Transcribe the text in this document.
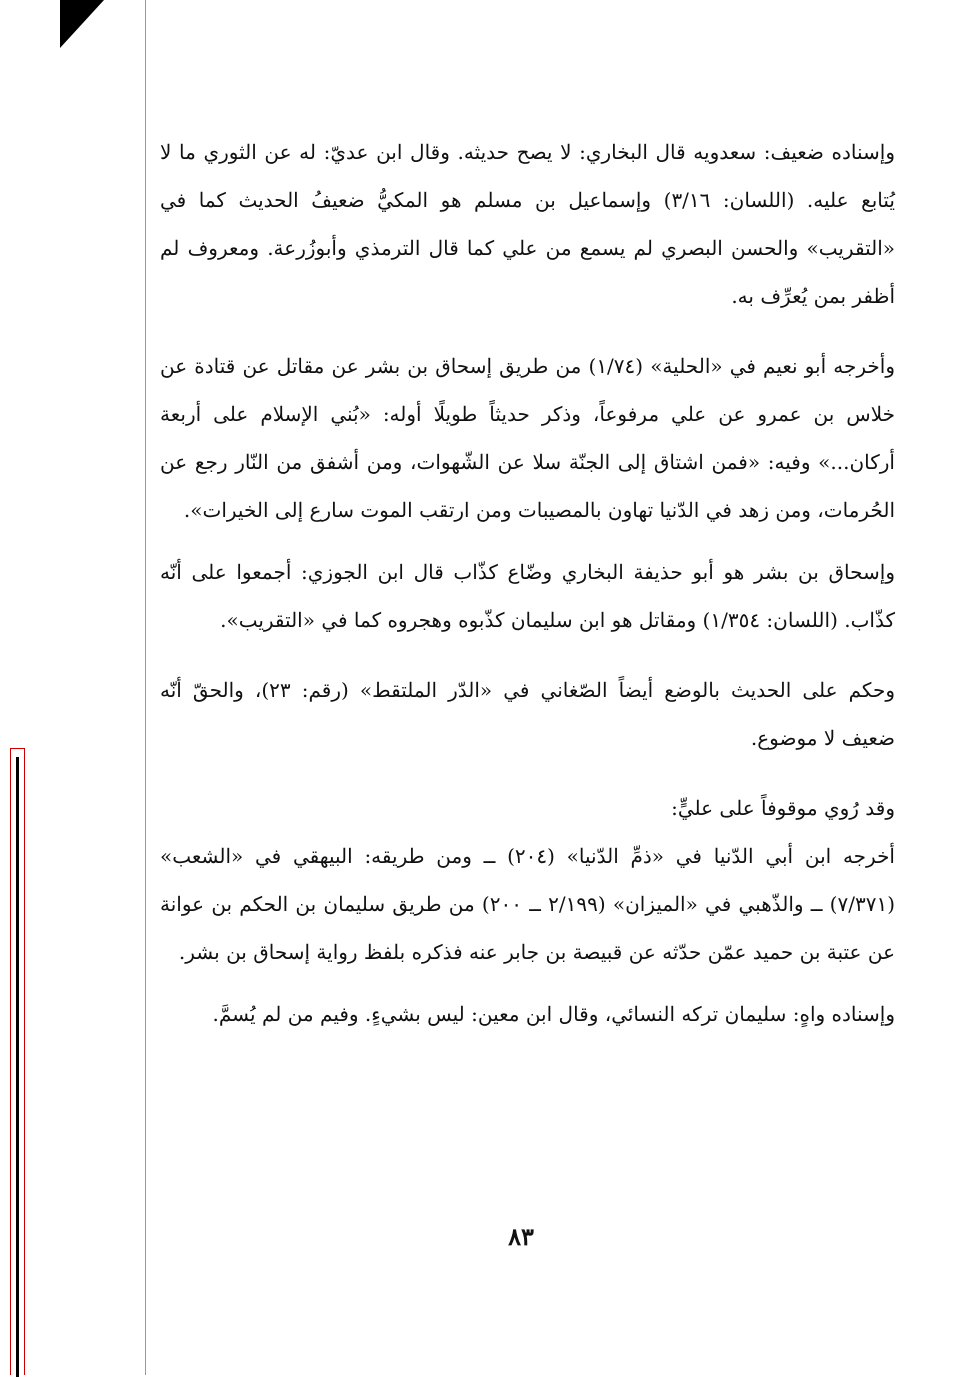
وإسناده ضعيف: سعدويه قال البخاري: لا يصح حديثه. وقال ابن عديّ: له عن الثوري ما لا يُتابع عليه. (اللسان: ٣/١٦) وإسماعيل بن مسلم هو المكيُّ ضعيفُ الحديث كما في «التقريب» والحسن البصري لم يسمع من علي كما قال الترمذي وأبوزُرعة. ومعروف لم أظفر بمن يُعرِّف به.

وأخرجه أبو نعيم في «الحلية» (١/٧٤) من طريق إسحاق بن بشر عن مقاتل عن قتادة عن خلاس بن عمرو عن علي مرفوعاً، وذكر حديثاً طويلًا أوله: «بُني الإسلام على أربعة أركان...» وفيه: «فمن اشتاق إلى الجنّة سلا عن الشّهوات، ومن أشفق من النّار رجع عن الحُرمات، ومن زهد في الدّنيا تهاون بالمصيبات ومن ارتقب الموت سارع إلى الخيرات».

وإسحاق بن بشر هو أبو حذيفة البخاري وضّاع كذّاب قال ابن الجوزي: أجمعوا على أنّه كذّاب. (اللسان: ١/٣٥٤) ومقاتل هو ابن سليمان كذّبوه وهجروه كما في «التقريب».

وحكم على الحديث بالوضع أيضاً الصّغاني في «الدّر الملتقط» (رقم: ٢٣)، والحقّ أنّه ضعيف لا موضوع.

وقد رُوي موقوفاً على عليٍّ:

أخرجه ابن أبي الدّنيا في «ذمِّ الدّنيا» (٢٠٤) ــ ومن طريقه: البيهقي في «الشعب» (٧/٣٧١) ــ والذّهبي في «الميزان» (٢/١٩٩ ــ ٢٠٠) من طريق سليمان بن الحكم بن عوانة عن عتبة بن حميد عمّن حدّثه عن قبيصة بن جابر عنه فذكره بلفظ رواية إسحاق بن بشر.

وإسناده واهٍ: سليمان تركه النسائي، وقال ابن معين: ليس بشيءٍ. وفيم من لم يُسمَّ.

٨٣
